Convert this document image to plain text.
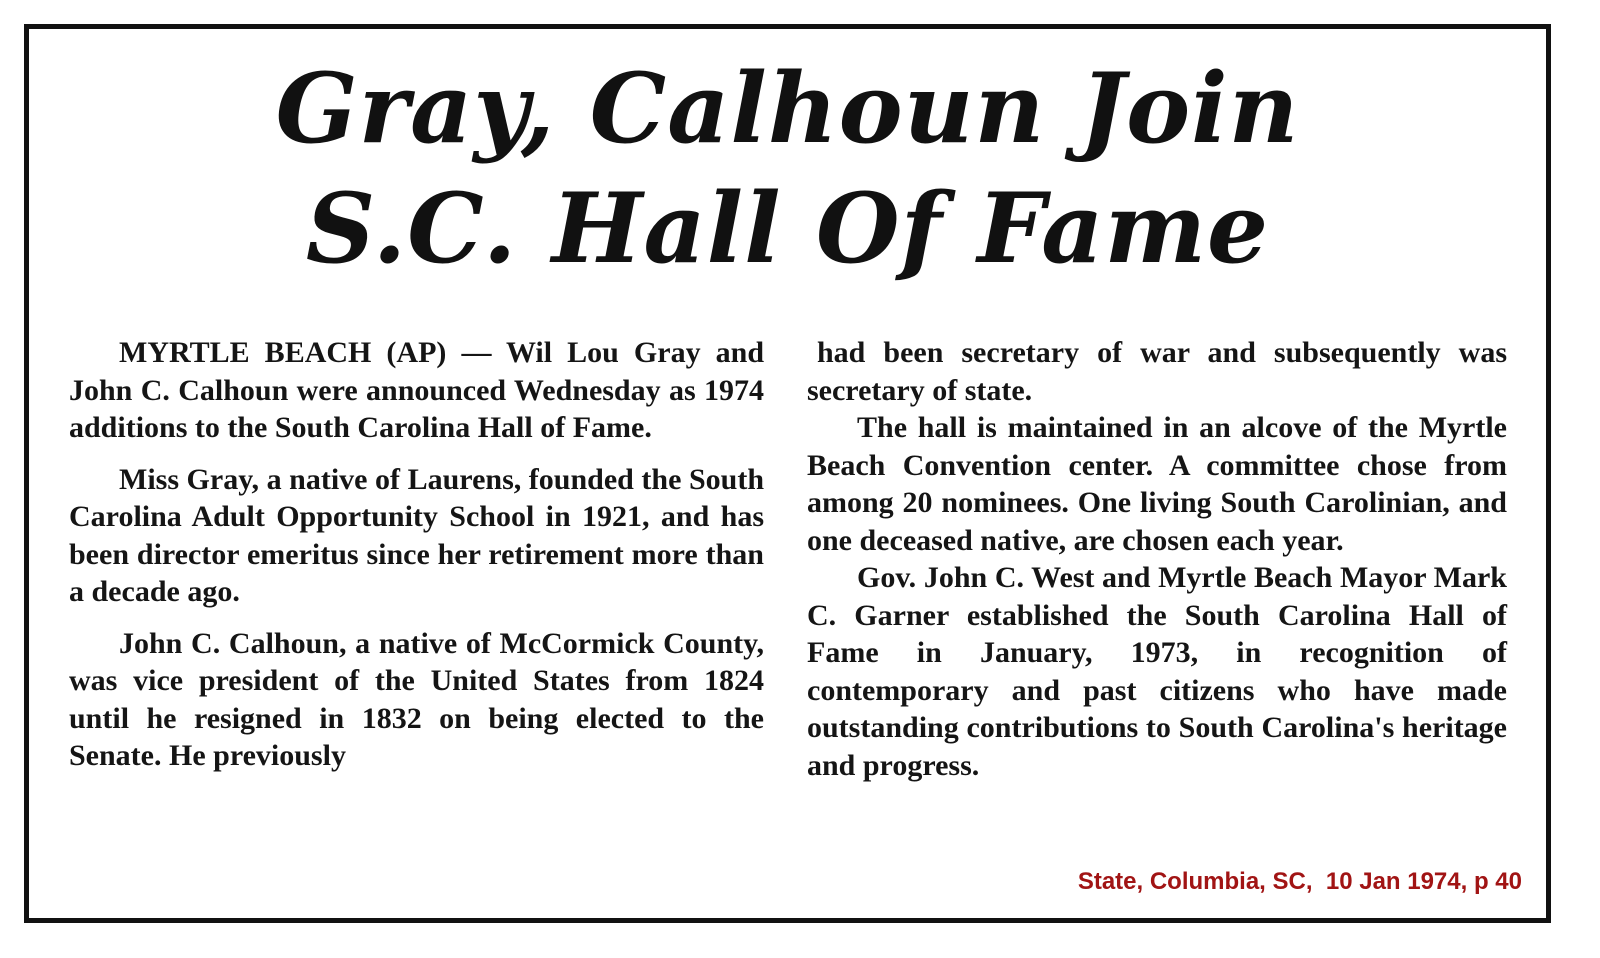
Gray, Calhoun Join
S.C. Hall Of Fame

MYRTLE BEACH (AP) — Wil Lou Gray and John C. Calhoun were announced Wednesday as 1974 additions to the South Carolina Hall of Fame.

Miss Gray, a native of Laurens, founded the South Carolina Adult Opportunity School in 1921, and has been director emeritus since her retirement more than a decade ago.

John C. Calhoun, a native of McCormick County, was vice president of the United States from 1824 until he resigned in 1832 on being elected to the Senate. He previously

had been secretary of war and subsequently was secretary of state.

The hall is maintained in an alcove of the Myrtle Beach Convention center. A committee chose from among 20 nominees. One living South Carolinian, and one deceased native, are chosen each year.

Gov. John C. West and Myrtle Beach Mayor Mark C. Garner established the South Carolina Hall of Fame in January, 1973, in recognition of contemporary and past citizens who have made outstanding contributions to South Carolina's heritage and progress.

State, Columbia, SC,  10 Jan 1974, p 40
